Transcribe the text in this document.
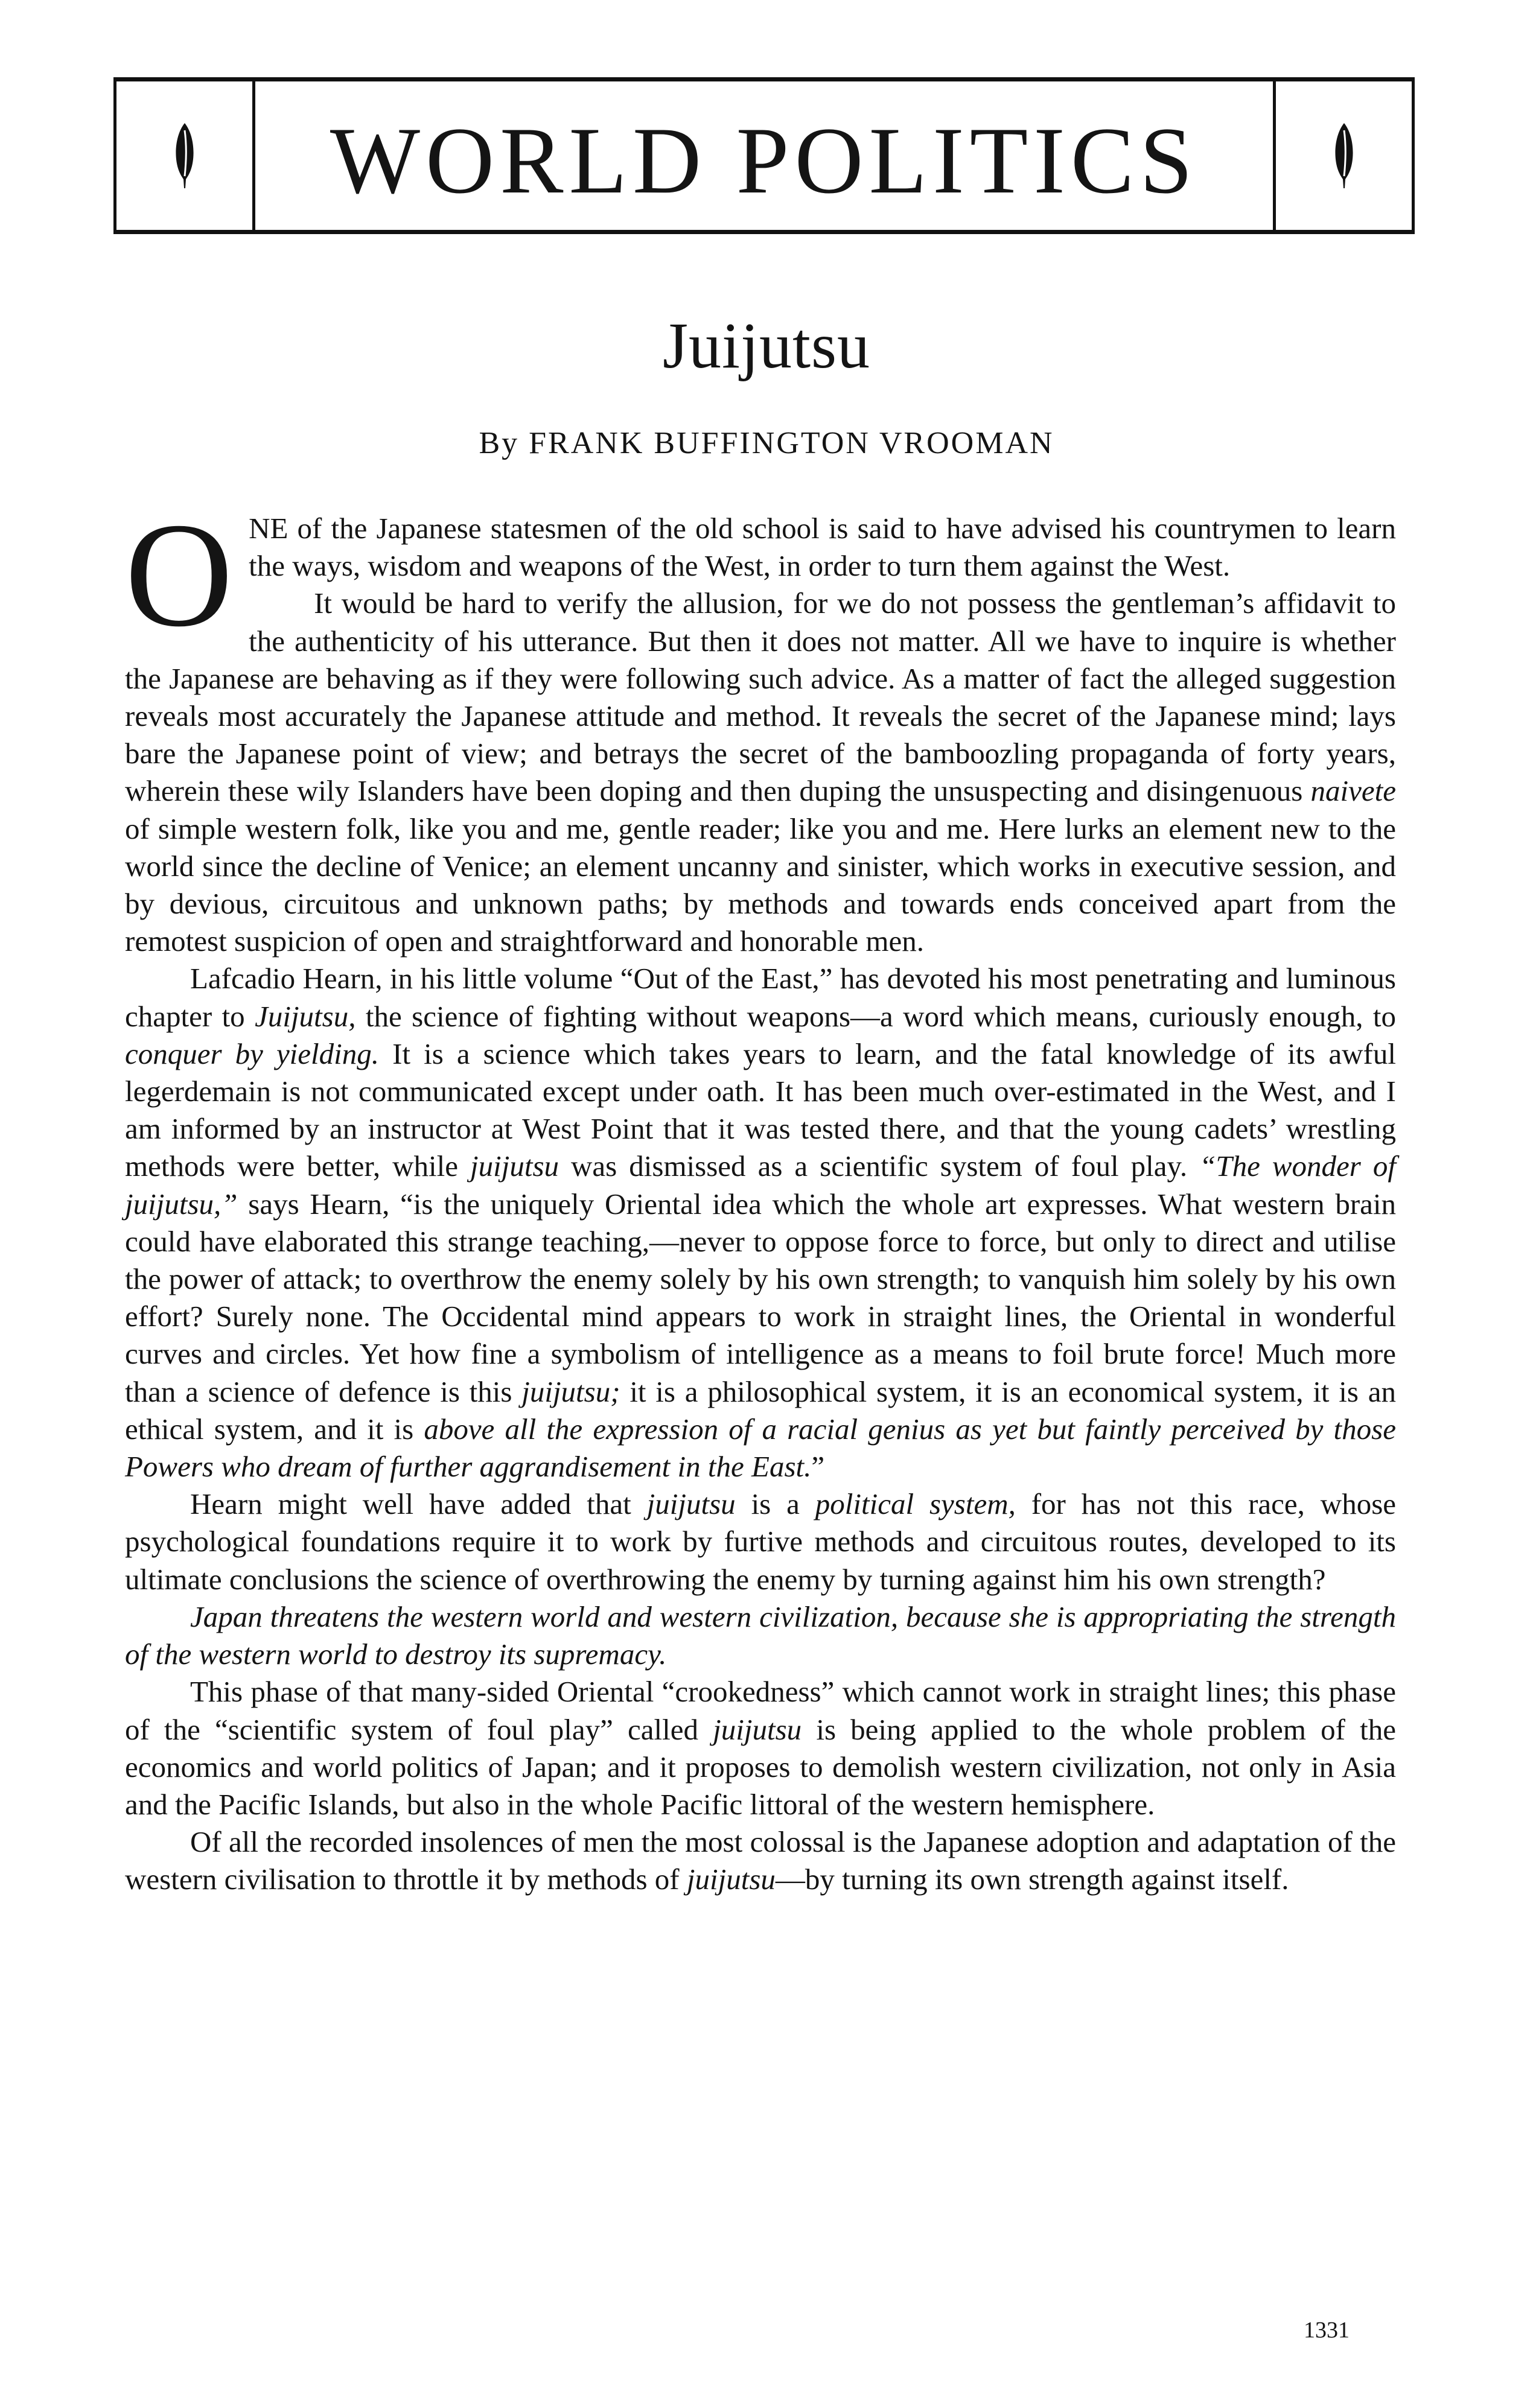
WORLD POLITICS
Juijutsu
By FRANK BUFFINGTON VROOMAN

ONE of the Japanese statesmen of the old school is said to have advised his countrymen to learn the ways, wisdom and weapons of the West, in order to turn them against the West.

It would be hard to verify the allusion, for we do not possess the gentleman’s affidavit to the authenticity of his utterance. But then it does not matter. All we have to inquire is whether the Japanese are behaving as if they were following such advice. As a matter of fact the alleged suggestion reveals most accurately the Japanese attitude and method. It reveals the secret of the Japanese mind; lays bare the Japanese point of view; and betrays the secret of the bamboozling propaganda of forty years, wherein these wily Islanders have been doping and then duping the unsuspecting and disingenuous naivete of simple western folk, like you and me, gentle reader; like you and me. Here lurks an element new to the world since the decline of Venice; an element uncanny and sinister, which works in executive session, and by devious, circuitous and unknown paths; by methods and towards ends conceived apart from the remotest suspicion of open and straightforward and honorable men.

Lafcadio Hearn, in his little volume “Out of the East,” has devoted his most penetrating and luminous chapter to Juijutsu, the science of fighting without weapons—a word which means, curiously enough, to conquer by yielding. It is a science which takes years to learn, and the fatal knowledge of its awful legerdemain is not communicated except under oath. It has been much over-estimated in the West, and I am informed by an instructor at West Point that it was tested there, and that the young cadets’ wrestling methods were better, while juijutsu was dismissed as a scientific system of foul play. “The wonder of juijutsu,” says Hearn, “is the uniquely Oriental idea which the whole art expresses. What western brain could have elaborated this strange teaching,—never to oppose force to force, but only to direct and utilise the power of attack; to overthrow the enemy solely by his own strength; to vanquish him solely by his own effort? Surely none. The Occidental mind appears to work in straight lines, the Oriental in wonderful curves and circles. Yet how fine a symbolism of intelligence as a means to foil brute force! Much more than a science of defence is this juijutsu; it is a philosophical system, it is an economical system, it is an ethical system, and it is above all the expression of a racial genius as yet but faintly perceived by those Powers who dream of further aggrandisement in the East.”

Hearn might well have added that juijutsu is a political system, for has not this race, whose psychological foundations require it to work by furtive methods and circuitous routes, developed to its ultimate conclusions the science of overthrowing the enemy by turning against him his own strength?

Japan threatens the western world and western civilization, because she is appropriating the strength of the western world to destroy its supremacy.

This phase of that many-sided Oriental “crookedness” which cannot work in straight lines; this phase of the “scientific system of foul play” called juijutsu is being applied to the whole problem of the economics and world politics of Japan; and it proposes to demolish western civilization, not only in Asia and the Pacific Islands, but also in the whole Pacific littoral of the western hemisphere.

Of all the recorded insolences of men the most colossal is the Japanese adoption and adaptation of the western civilisation to throttle it by methods of juijutsu—by turning its own strength against itself.

1331
